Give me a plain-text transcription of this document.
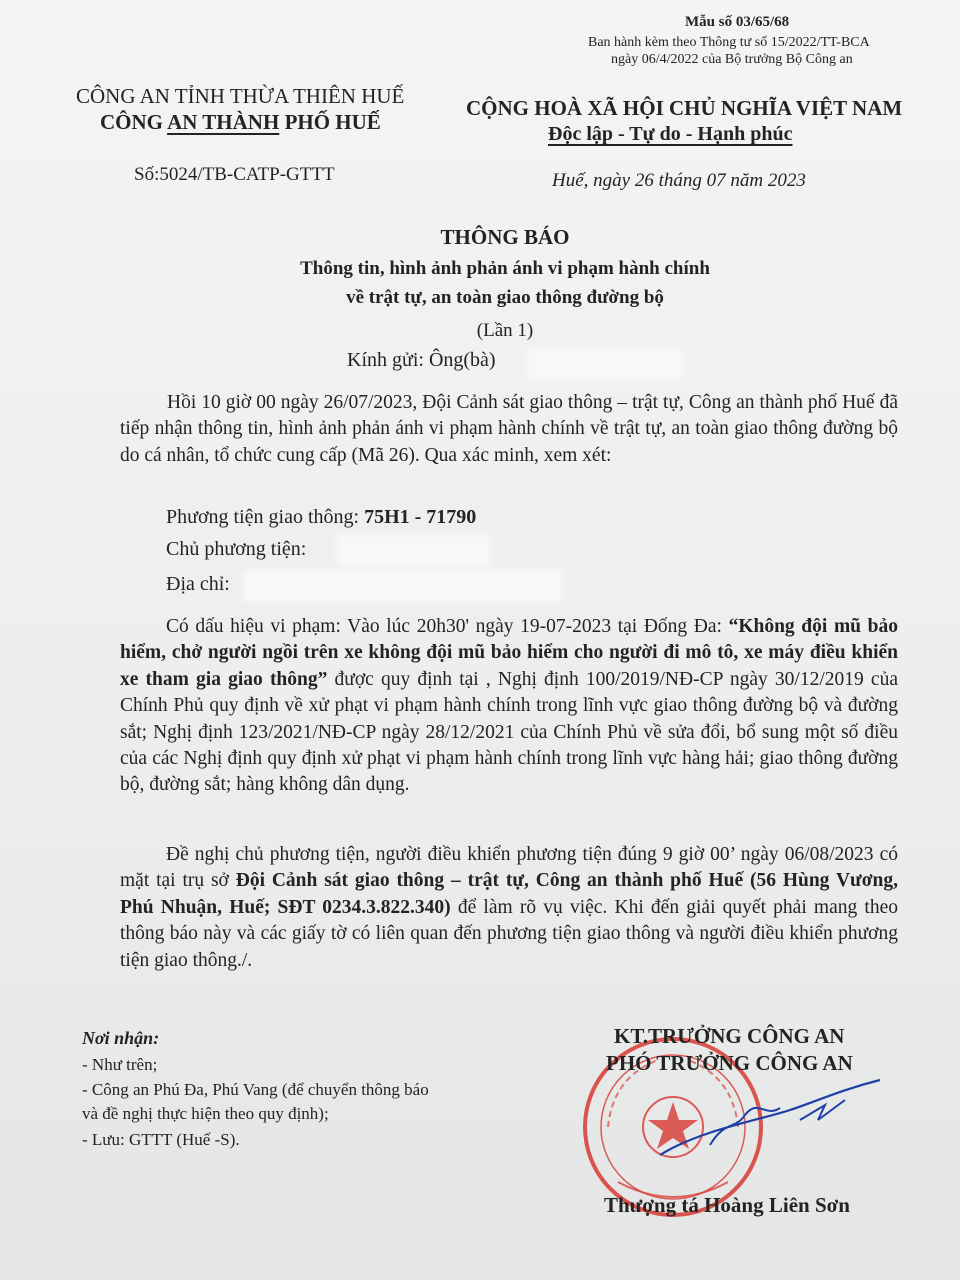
Mẫu số 03/65/68
Ban hành kèm theo Thông tư số 15/2022/TT-BCA
ngày 06/4/2022 của Bộ trưởng Bộ Công an
CÔNG AN TỈNH THỪA THIÊN HUẾ
CÔNG AN THÀNH PHỐ HUẾ
Số:5024/TB-CATP-GTTT
CỘNG HOÀ XÃ HỘI CHỦ NGHĨA VIỆT NAM
Độc lập - Tự do - Hạnh phúc
Huế, ngày 26 tháng 07 năm 2023
THÔNG BÁO
Thông tin, hình ảnh phản ánh vi phạm hành chính
về trật tự, an toàn giao thông đường bộ
(Lần 1)
Kính gửi: Ông(bà)
Hồi 10 giờ 00 ngày 26/07/2023, Đội Cảnh sát giao thông – trật tự, Công an thành phố Huế đã tiếp nhận thông tin, hình ảnh phản ánh vi phạm hành chính về trật tự, an toàn giao thông đường bộ do cá nhân, tổ chức cung cấp (Mã 26). Qua xác minh, xem xét:
Phương tiện giao thông: 75H1 - 71790
Chủ phương tiện:
Địa chỉ:
Có dấu hiệu vi phạm: Vào lúc 20h30' ngày 19-07-2023 tại Đống Đa: “Không đội mũ bảo hiểm, chở người ngồi trên xe không đội mũ bảo hiểm cho người đi mô tô, xe máy điều khiển xe tham gia giao thông” được quy định tại , Nghị định 100/2019/NĐ-CP ngày 30/12/2019 của Chính Phủ quy định về xử phạt vi phạm hành chính trong lĩnh vực giao thông đường bộ và đường sắt; Nghị định 123/2021/NĐ-CP ngày 28/12/2021 của Chính Phủ về sửa đổi, bổ sung một số điều của các Nghị định quy định xử phạt vi phạm hành chính trong lĩnh vực hàng hải; giao thông đường bộ, đường sắt; hàng không dân dụng.
Đề nghị chủ phương tiện, người điều khiển phương tiện đúng 9 giờ 00’ ngày 06/08/2023 có mặt tại trụ sở Đội Cảnh sát giao thông – trật tự, Công an thành phố Huế (56 Hùng Vương, Phú Nhuận, Huế; SĐT 0234.3.822.340) để làm rõ vụ việc. Khi đến giải quyết phải mang theo thông báo này và các giấy tờ có liên quan đến phương tiện giao thông và người điều khiển phương tiện giao thông./.
Nơi nhận:
- Như trên;
- Công an Phú Đa, Phú Vang (để chuyển thông báo
và đề nghị thực hiện theo quy định);
- Lưu: GTTT (Huế -S).
KT.TRƯỞNG CÔNG AN
PHÓ TRƯỞNG CÔNG AN
Thượng tá Hoàng Liên Sơn
